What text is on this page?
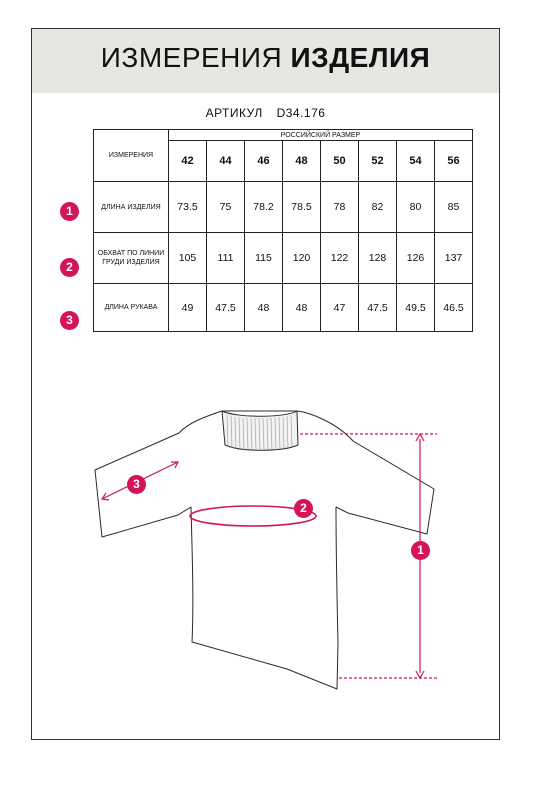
ИЗМЕРЕНИЯ ИЗДЕЛИЯ
АРТИКУЛ D34.176
ИЗМЕРЕНИЯ	РОССИЙСКИЙ РАЗМЕР							
	42	44	46	48	50	52	54	56
ДЛИНА ИЗДЕЛИЯ	73.5	75	78.2	78.5	78	82	80	85
ОБХВАТ ПО ЛИНИИ ГРУДИ ИЗДЕЛИЯ	105	111	115	120	122	128	126	137
ДЛИНА РУКАВА	49	47.5	48	48	47	47.5	49.5	46.5
1
2
3
1
2
3
